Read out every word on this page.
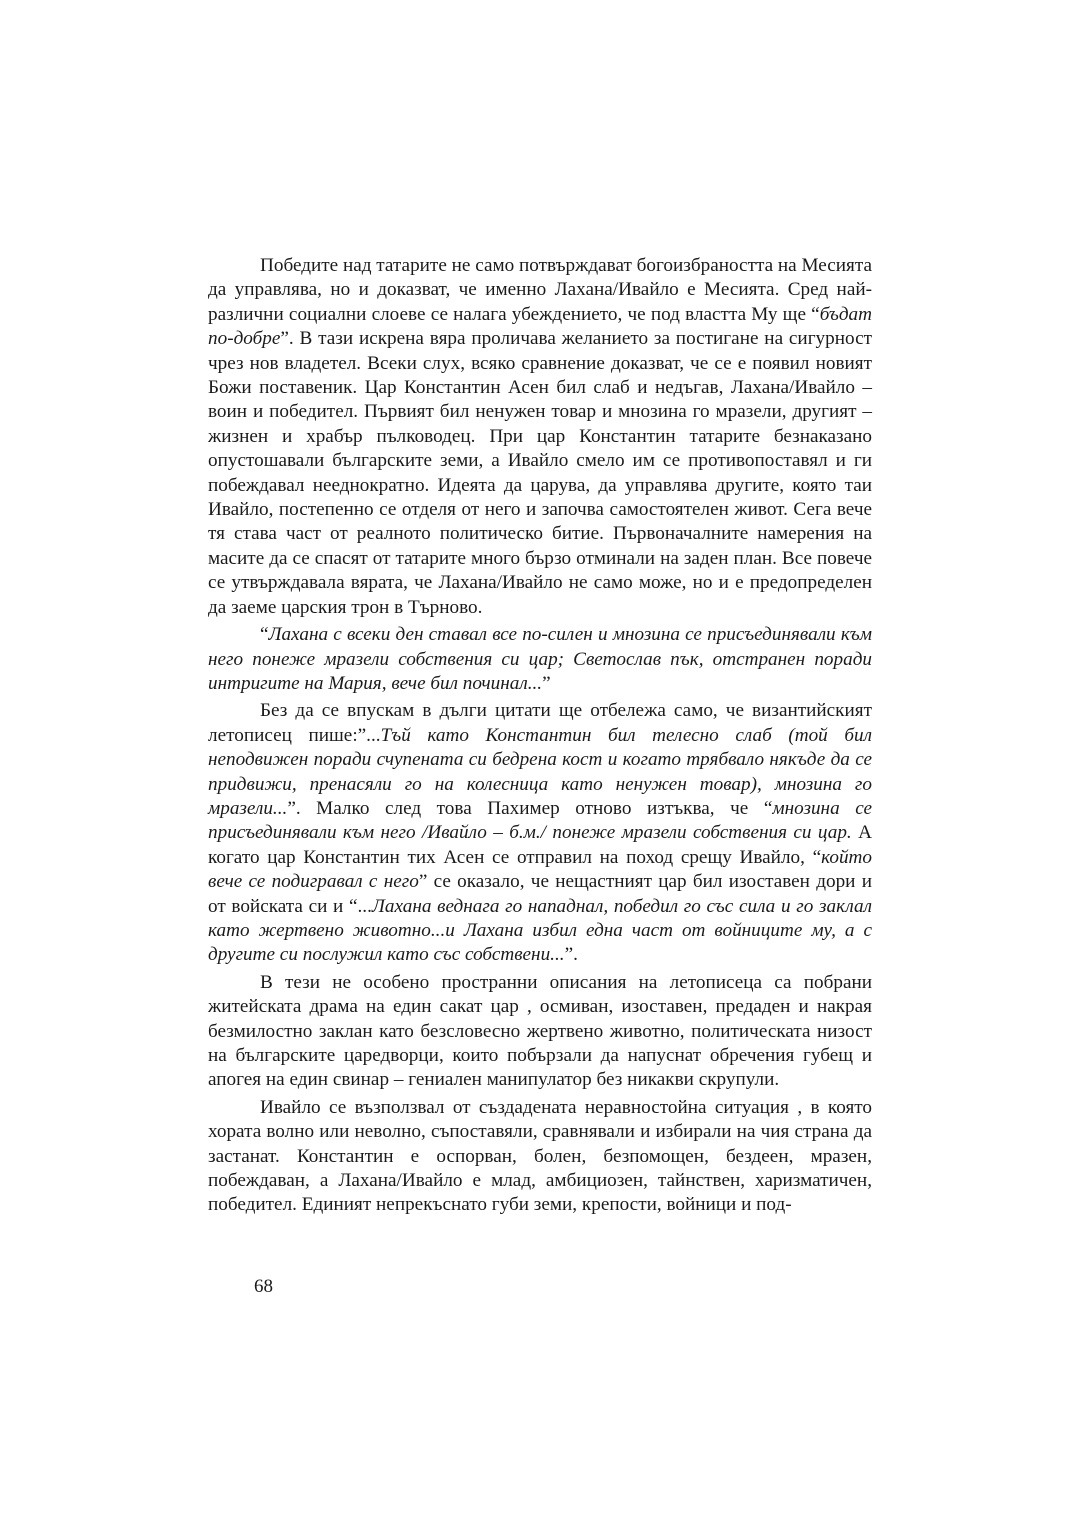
Победите над татарите не само потвърждават богоизбраността на Месията да управлява, но и доказват, че именно Лахана/Ивайло е Месията. Сред най-различни социални слоеве се налага убеждението, че под властта Му ще “бъдат по-добре”. В тази искрена вяра проличава желанието за постигане на сигурност чрез нов владетел. Всеки слух, всяко сравнение доказват, че се е появил новият Божи поставеник. Цар Константин Асен бил слаб и недъгав, Лахана/Ивайло – воин и победител. Първият бил ненужен товар и мнозина го мразели, другият – жизнен и храбър пълководец. При цар Константин татарите безнаказано опустошавали българските земи, а Ивайло смело им се противопоставял и ги побеждавал нееднократно. Идеята да царува, да управлява другите, която таи Ивайло, постепенно се отделя от него и започва самостоятелен живот. Сега вече тя става част от реалното политическо битие. Първоначалните намерения на масите да се спасят от татарите много бързо отминали на заден план. Все повече се утвърждавала вярата, че Лахана/Ивайло не само може, но и е предопределен да заеме царския трон в Търново.

“Лахана с всеки ден ставал все по-силен и мнозина се присъединявали към него понеже мразели собствения си цар; Светослав пък, отстранен поради интригите на Мария, вече бил починал...”

Без да се впускам в дълги цитати ще отбележа само, че византийският летописец пише:”...Тъй като Константин бил телесно слаб (той бил неподвижен поради счупената си бедрена кост и когато трябвало някъде да се придвижи, пренасяли го на колесница като ненужен товар), мнозина го мразели...”. Малко след това Пахимер отново изтъква, че “мнозина се присъединявали към него /Ивайло – б.м./ понеже мразели собствения си цар. А когато цар Константин тих Асен се отправил на поход срещу Ивайло, “който вече се подигравал с него” се оказало, че нещастният цар бил изоставен дори и от войската си и “...Лахана веднага го нападнал, победил го със сила и го заклал като жертвено животно...и Лахана избил една част от войниците му, а с другите си послужил като със собствени...”.

В тези не особено пространни описания на летописеца са побрани житейската драма на един сакат цар , осмиван, изоставен, предаден и накрая безмилостно заклан като безсловесно жертвено животно, политическата низост на българските царедворци, които побързали да напуснат обречения губещ и апогея на един свинар – гениален манипулатор без никакви скрупули.

Ивайло се възползвал от създадената неравностойна ситуация , в която хората волно или неволно, съпоставяли, сравнявали и избирали на чия страна да застанат. Константин е оспорван, болен, безпомощен, бездеен, мразен, побеждаван, а Лахана/Ивайло е млад, амбициозен, тайнствен, харизматичен, победител. Единият непрекъснато губи земи, крепости, войници и под-

68
